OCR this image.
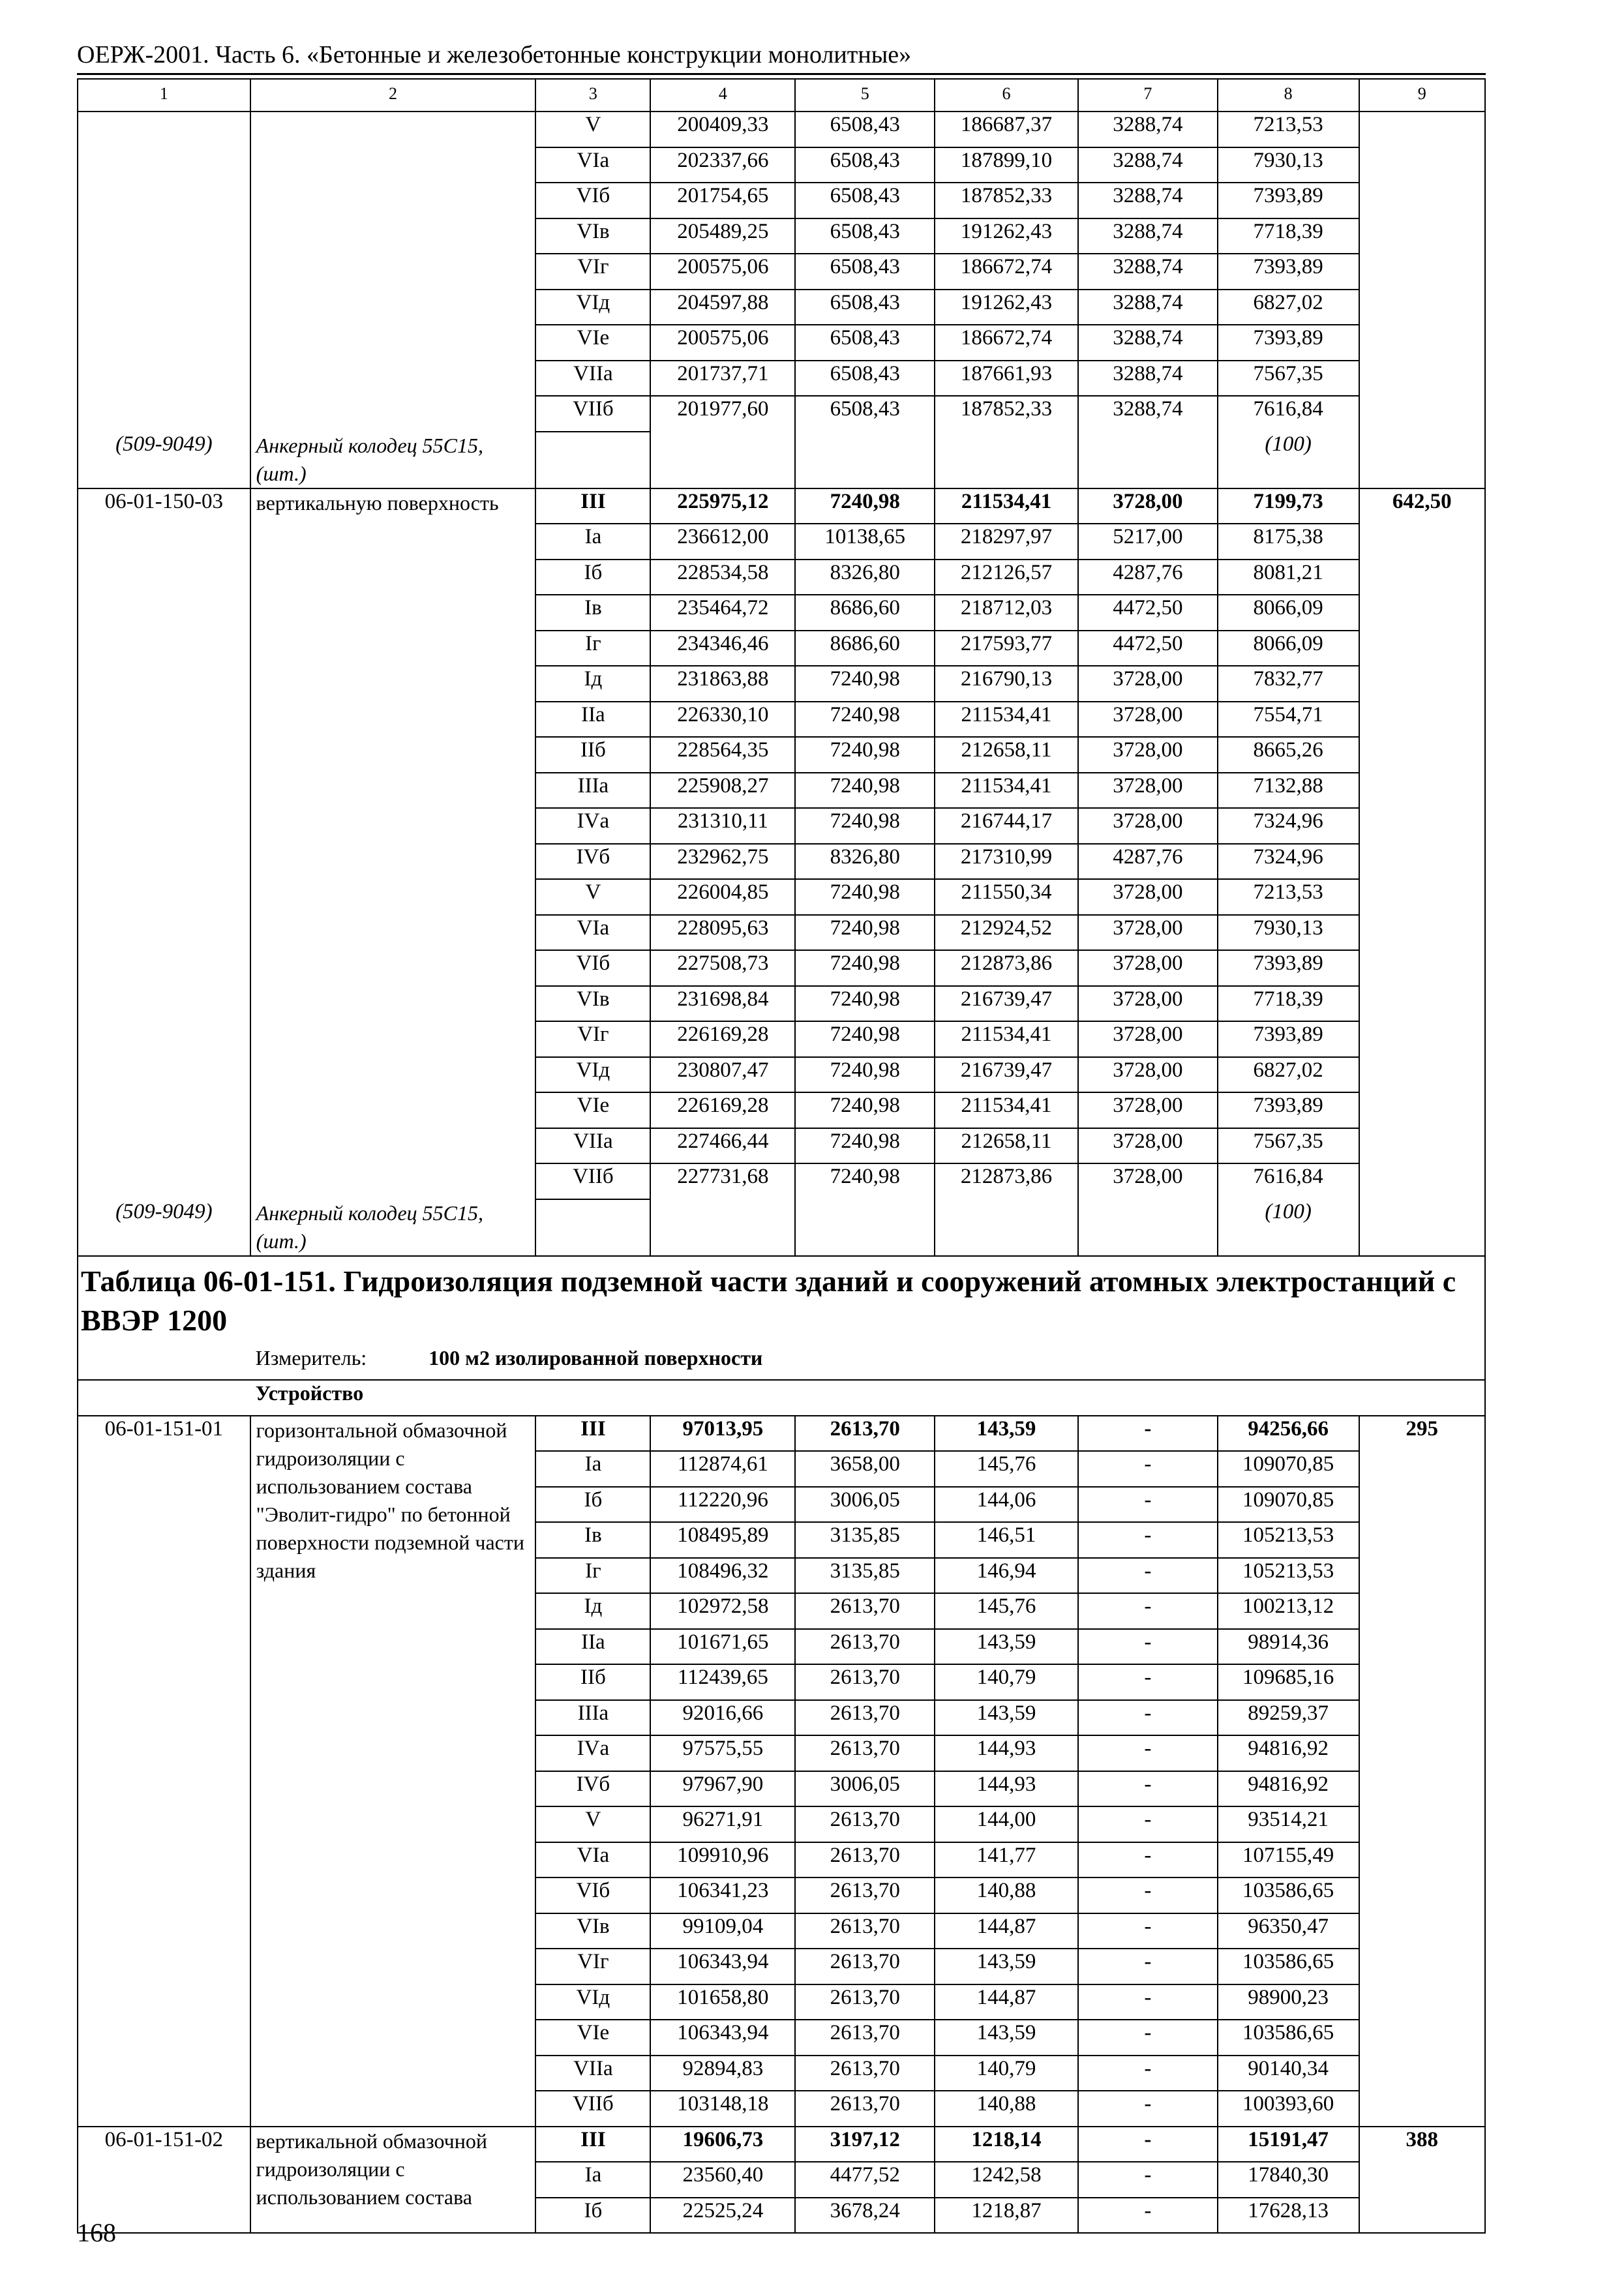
ОЕРЖ-2001. Часть 6. «Бетонные и железобетонные конструкции монолитные»
1	2	3	4	5	6	7	8	9
		V	200409,33	6508,43	186687,37	3288,74	7213,53	
		VIа	202337,66	6508,43	187899,10	3288,74	7930,13	
		VIб	201754,65	6508,43	187852,33	3288,74	7393,89	
		VIв	205489,25	6508,43	191262,43	3288,74	7718,39	
		VIг	200575,06	6508,43	186672,74	3288,74	7393,89	
		VIд	204597,88	6508,43	191262,43	3288,74	6827,02	
		VIе	200575,06	6508,43	186672,74	3288,74	7393,89	
		VIIа	201737,71	6508,43	187661,93	3288,74	7567,35	
		VIIб	201977,60	6508,43	187852,33	3288,74	7616,84	
(509-9049)	Анкерный колодец 55С15, (шт.)						(100)	
06-01-150-03	вертикальную поверхность	III	225975,12	7240,98	211534,41	3728,00	7199,73	642,50
		Iа	236612,00	10138,65	218297,97	5217,00	8175,38	
		Iб	228534,58	8326,80	212126,57	4287,76	8081,21	
		Iв	235464,72	8686,60	218712,03	4472,50	8066,09	
		Iг	234346,46	8686,60	217593,77	4472,50	8066,09	
		Iд	231863,88	7240,98	216790,13	3728,00	7832,77	
		IIа	226330,10	7240,98	211534,41	3728,00	7554,71	
		IIб	228564,35	7240,98	212658,11	3728,00	8665,26	
		IIIа	225908,27	7240,98	211534,41	3728,00	7132,88	
		IVа	231310,11	7240,98	216744,17	3728,00	7324,96	
		IVб	232962,75	8326,80	217310,99	4287,76	7324,96	
		V	226004,85	7240,98	211550,34	3728,00	7213,53	
		VIа	228095,63	7240,98	212924,52	3728,00	7930,13	
		VIб	227508,73	7240,98	212873,86	3728,00	7393,89	
		VIв	231698,84	7240,98	216739,47	3728,00	7718,39	
		VIг	226169,28	7240,98	211534,41	3728,00	7393,89	
		VIд	230807,47	7240,98	216739,47	3728,00	6827,02	
		VIе	226169,28	7240,98	211534,41	3728,00	7393,89	
		VIIа	227466,44	7240,98	212658,11	3728,00	7567,35	
		VIIб	227731,68	7240,98	212873,86	3728,00	7616,84	
(509-9049)	Анкерный колодец 55С15, (шт.)						(100)	
Таблица 06-01-151. Гидроизоляция подземной части зданий и сооружений атомных электростанций с ВВЭР 1200								
	Измеритель: 100 м2 изолированной поверхности							
	Устройство							
06-01-151-01	горизонтальной обмазочной гидроизоляции с использованием состава "Эволит-гидро" по бетонной поверхности подземной части здания	III	97013,95	2613,70	143,59	-	94256,66	295
		Iа	112874,61	3658,00	145,76	-	109070,85	
		Iб	112220,96	3006,05	144,06	-	109070,85	
		Iв	108495,89	3135,85	146,51	-	105213,53	
		Iг	108496,32	3135,85	146,94	-	105213,53	
		Iд	102972,58	2613,70	145,76	-	100213,12	
		IIа	101671,65	2613,70	143,59	-	98914,36	
		IIб	112439,65	2613,70	140,79	-	109685,16	
		IIIа	92016,66	2613,70	143,59	-	89259,37	
		IVа	97575,55	2613,70	144,93	-	94816,92	
		IVб	97967,90	3006,05	144,93	-	94816,92	
		V	96271,91	2613,70	144,00	-	93514,21	
		VIа	109910,96	2613,70	141,77	-	107155,49	
		VIб	106341,23	2613,70	140,88	-	103586,65	
		VIв	99109,04	2613,70	144,87	-	96350,47	
		VIг	106343,94	2613,70	143,59	-	103586,65	
		VIд	101658,80	2613,70	144,87	-	98900,23	
		VIе	106343,94	2613,70	143,59	-	103586,65	
		VIIа	92894,83	2613,70	140,79	-	90140,34	
		VIIб	103148,18	2613,70	140,88	-	100393,60	
06-01-151-02	вертикальной обмазочной гидроизоляции с использованием состава	III	19606,73	3197,12	1218,14	-	15191,47	388
		Iа	23560,40	4477,52	1242,58	-	17840,30	
		Iб	22525,24	3678,24	1218,87	-	17628,13	
168
